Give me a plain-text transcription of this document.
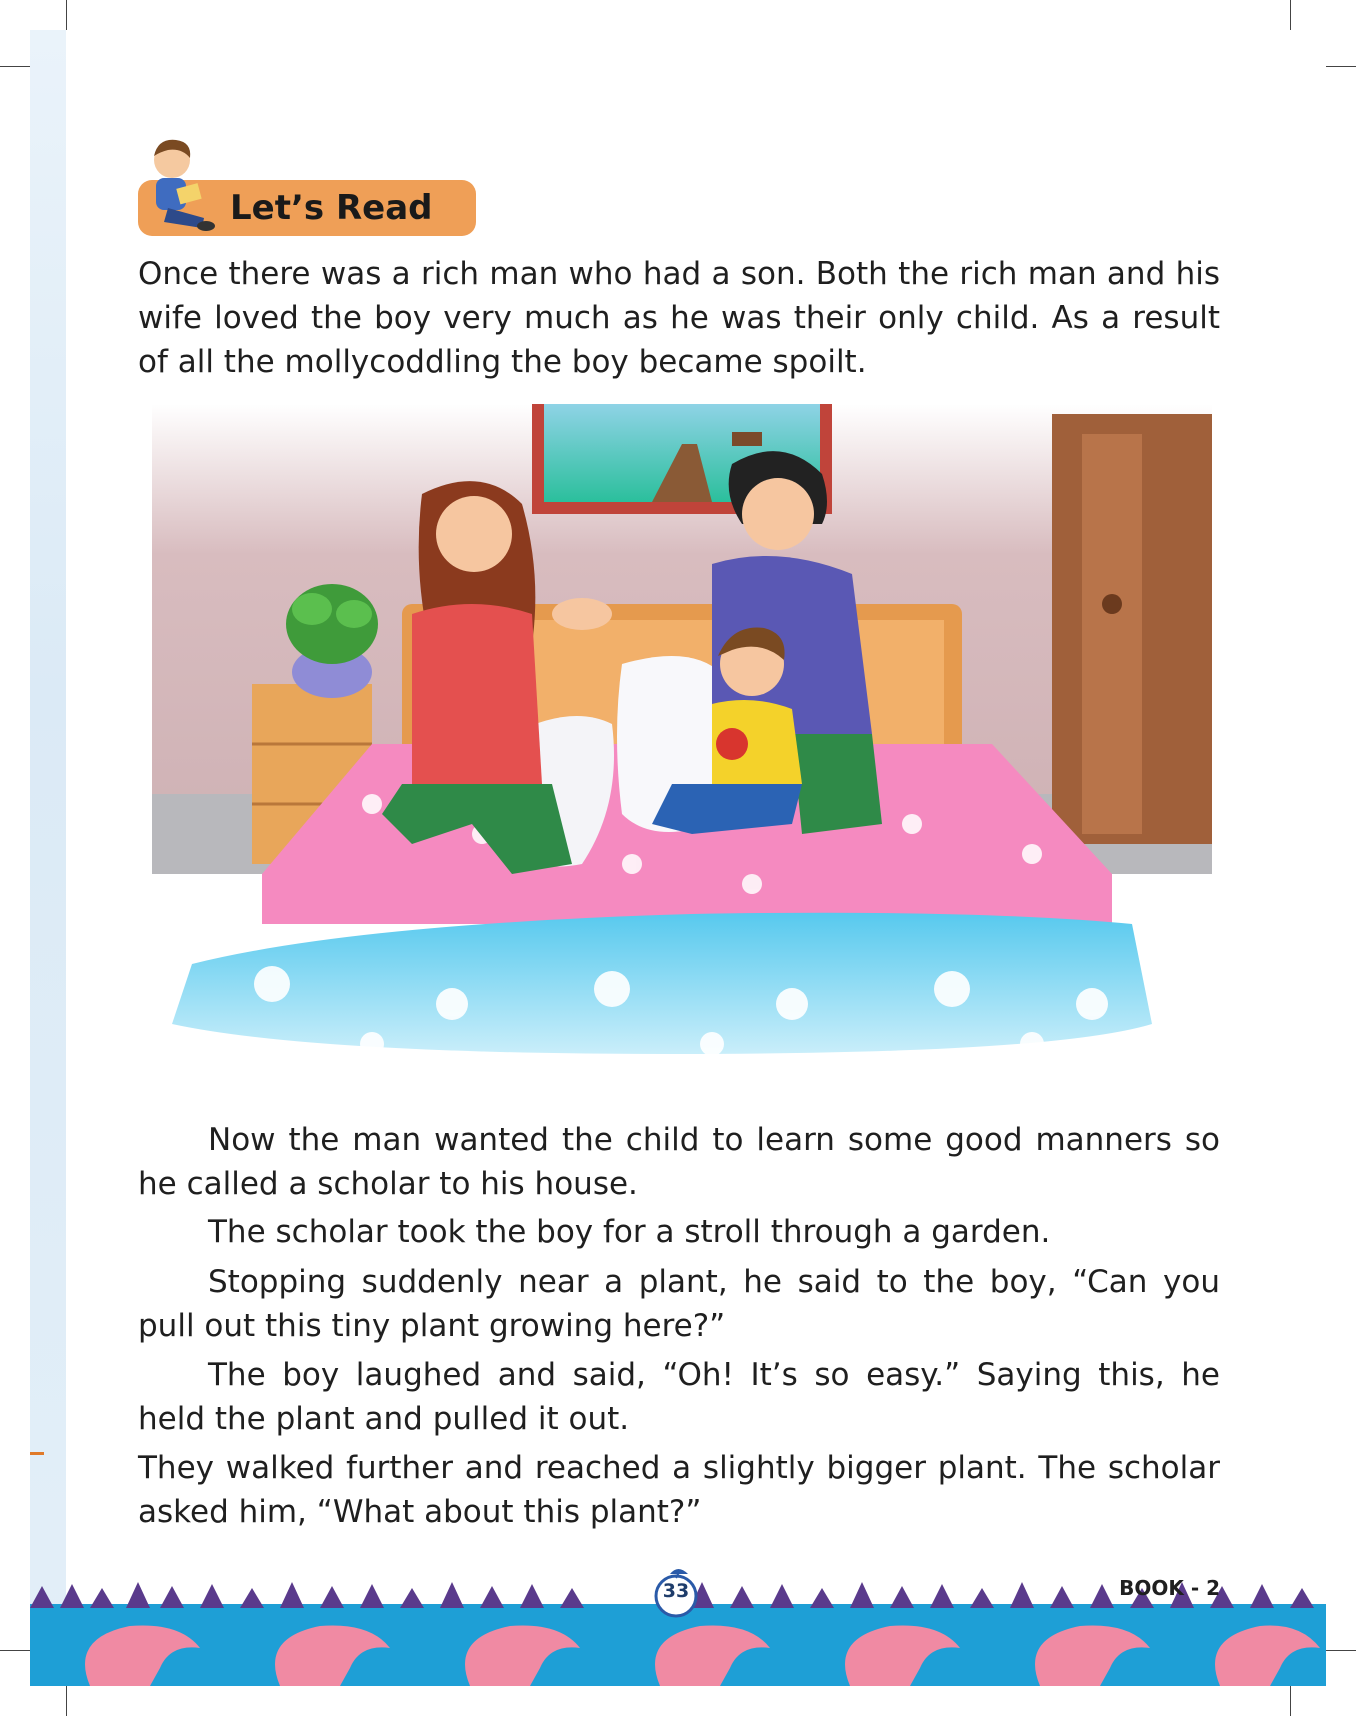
Let’s Read

Once there was a rich man who had a son. Both the rich man and his wife loved the boy very much as he was their only child. As a result of all the mollycoddling the boy became spoilt.

Now the man wanted the child to learn some good manners so he called a scholar to his house.

The scholar took the boy for a stroll through a garden.

Stopping suddenly near a plant, he said to the boy, “Can you pull out this tiny plant growing here?”

The boy laughed and said, “Oh! It’s so easy.” Saying this, he held the plant and pulled it out.

They walked further and reached a slightly bigger plant. The scholar asked him, “What about this plant?”

33	BOOK - 2
